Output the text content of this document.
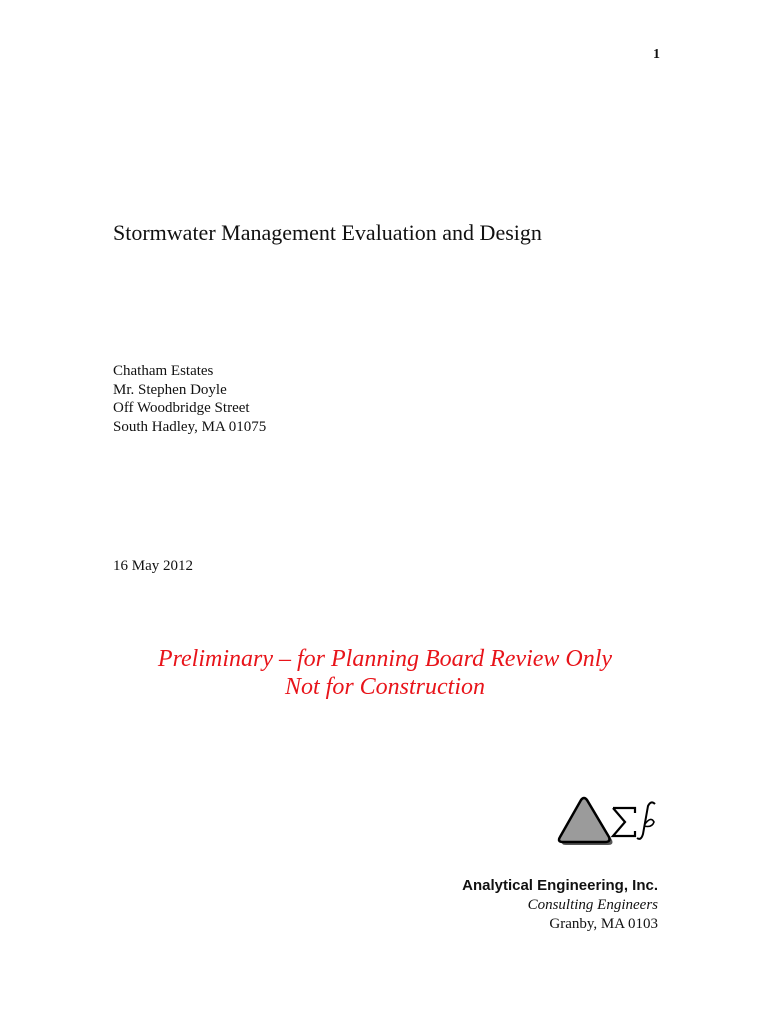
1
Stormwater Management Evaluation and Design
Chatham Estates
Mr. Stephen Doyle
Off Woodbridge Street
South Hadley, MA 01075
16 May 2012
Preliminary – for Planning Board Review Only
Not for Construction
Analytical Engineering, Inc.
Consulting Engineers
Granby, MA 0103
